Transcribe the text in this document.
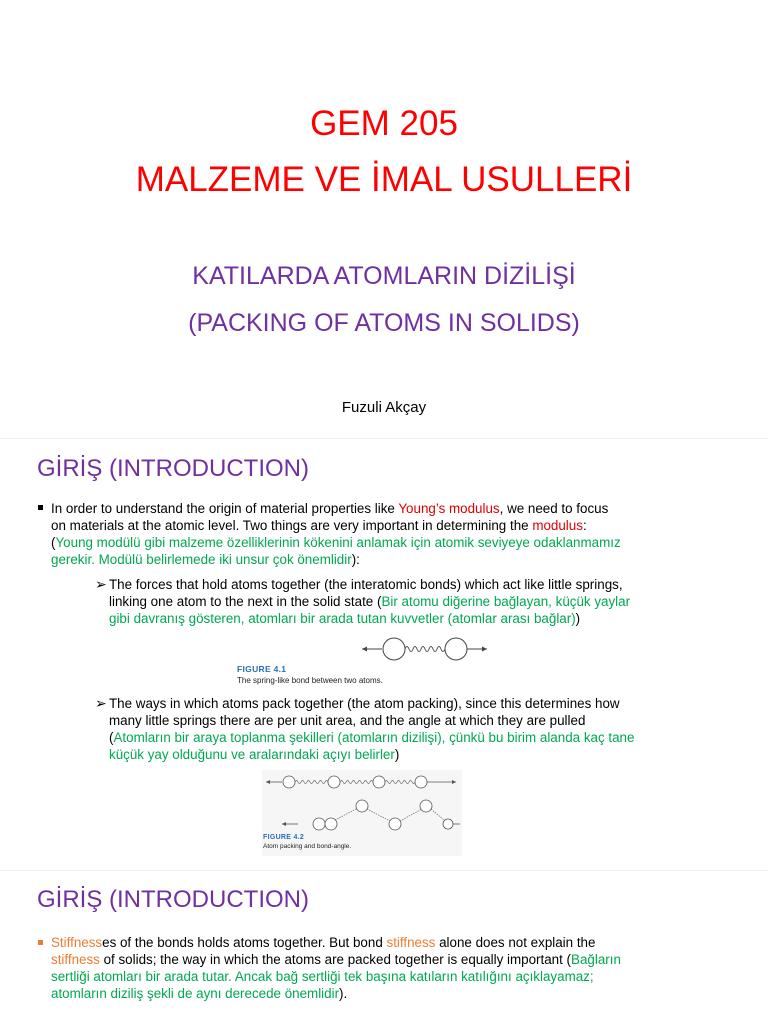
GEM 205
MALZEME VE İMAL USULLERİ
KATILARDA ATOMLARIN DİZİLİŞİ
(PACKING OF ATOMS IN SOLIDS)
Fuzuli Akçay
GİRİŞ (INTRODUCTION)
In order to understand the origin of material properties like Young’s modulus, we need to focus
on materials at the atomic level. Two things are very important in determining the modulus:
(Young modülü gibi malzeme özelliklerinin kökenini anlamak için atomik seviyeye odaklanmamız
gerekir. Modülü belirlemede iki unsur çok önemlidir):
➢ The forces that hold atoms together (the interatomic bonds) which act like little springs,
linking one atom to the next in the solid state (Bir atomu diğerine bağlayan, küçük yaylar
gibi davranış gösteren, atomları bir arada tutan kuvvetler (atomlar arası bağlar))
FIGURE 4.1
The spring-like bond between two atoms.
➢ The ways in which atoms pack together (the atom packing), since this determines how
many little springs there are per unit area, and the angle at which they are pulled
(Atomların bir araya toplanma şekilleri (atomların dizilişi), çünkü bu birim alanda kaç tane
küçük yay olduğunu ve aralarındaki açıyı belirler)
FIGURE 4.2
Atom packing and bond-angle.
GİRİŞ (INTRODUCTION)
Stiffnesses of the bonds holds atoms together. But bond stiffness alone does not explain the
stiffness of solids; the way in which the atoms are packed together is equally important (Bağların
sertliği atomları bir arada tutar. Ancak bağ sertliği tek başına katıların katılığını açıklayamaz;
atomların diziliş şekli de aynı derecede önemlidir).
